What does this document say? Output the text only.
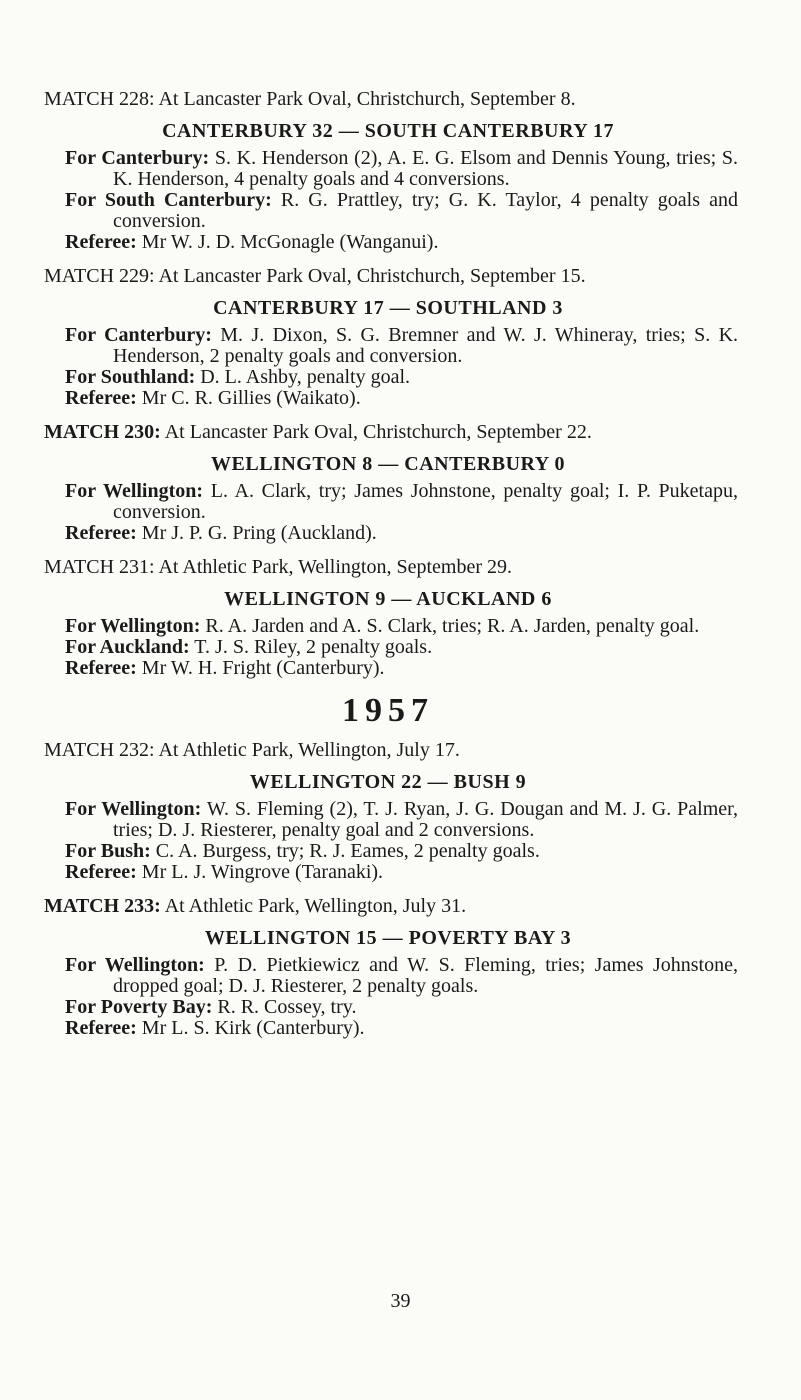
MATCH 228: At Lancaster Park Oval, Christchurch, September 8.

CANTERBURY 32 — SOUTH CANTERBURY 17

For Canterbury: S. K. Henderson (2), A. E. G. Elsom and Dennis Young, tries; S. K. Henderson, 4 penalty goals and 4 conversions.

For South Canterbury: R. G. Prattley, try; G. K. Taylor, 4 penalty goals and conversion.

Referee: Mr W. J. D. McGonagle (Wanganui).

MATCH 229: At Lancaster Park Oval, Christchurch, September 15.

CANTERBURY 17 — SOUTHLAND 3

For Canterbury: M. J. Dixon, S. G. Bremner and W. J. Whineray, tries; S. K. Henderson, 2 penalty goals and conversion.

For Southland: D. L. Ashby, penalty goal.

Referee: Mr C. R. Gillies (Waikato).

MATCH 230: At Lancaster Park Oval, Christchurch, September 22.

WELLINGTON 8 — CANTERBURY 0

For Wellington: L. A. Clark, try; James Johnstone, penalty goal; I. P. Puketapu, conversion.

Referee: Mr J. P. G. Pring (Auckland).

MATCH 231: At Athletic Park, Wellington, September 29.

WELLINGTON 9 — AUCKLAND 6

For Wellington: R. A. Jarden and A. S. Clark, tries; R. A. Jarden, penalty goal.

For Auckland: T. J. S. Riley, 2 penalty goals.

Referee: Mr W. H. Fright (Canterbury).

1957

MATCH 232: At Athletic Park, Wellington, July 17.

WELLINGTON 22 — BUSH 9

For Wellington: W. S. Fleming (2), T. J. Ryan, J. G. Dougan and M. J. G. Palmer, tries; D. J. Riesterer, penalty goal and 2 conversions.

For Bush: C. A. Burgess, try; R. J. Eames, 2 penalty goals.

Referee: Mr L. J. Wingrove (Taranaki).

MATCH 233: At Athletic Park, Wellington, July 31.

WELLINGTON 15 — POVERTY BAY 3

For Wellington: P. D. Pietkiewicz and W. S. Fleming, tries; James Johnstone, dropped goal; D. J. Riesterer, 2 penalty goals.

For Poverty Bay: R. R. Cossey, try.

Referee: Mr L. S. Kirk (Canterbury).

39
